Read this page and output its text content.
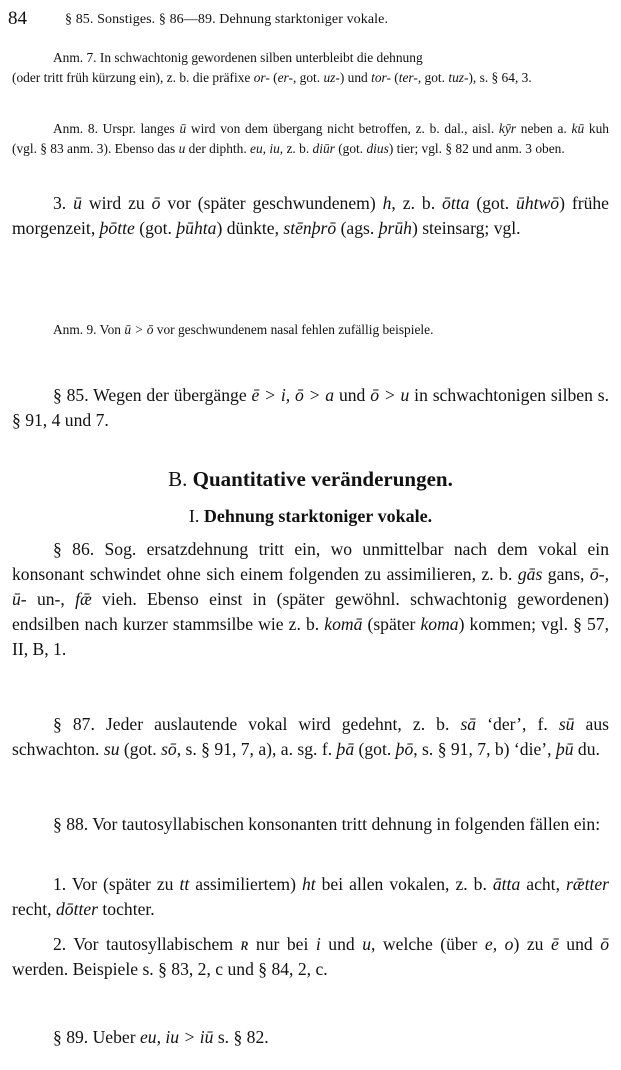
84	§ 85. Sonstiges. § 86—89. Dehnung starktoniger vokale.
Anm. 7. In schwachtonig gewordenen silben unterbleibt die dehnung
(oder tritt früh kürzung ein), z. b. die präfixe or- (er-, got. uz-) und tor- (ter-, got. tuz-), s. § 64, 3.
Anm. 8. Urspr. langes ū wird von dem übergang nicht betroffen, z. b. dal., aisl. kȳr neben a. kū kuh (vgl. § 83 anm. 3). Ebenso das u der diphth. eu, iu, z. b. diūr (got. dius) tier; vgl. § 82 und anm. 3 oben.
3. ū wird zu ō vor (später geschwundenem) h, z. b. ōtta (got. ūhtwō) frühe morgenzeit, þōtte (got. þūhta) dünkte, stēnþrō (ags. þrūh) steinsarg; vgl.
Anm. 9. Von ū > ō vor geschwundenem nasal fehlen zufällig beispiele.
§ 85. Wegen der übergänge ē > i, ō > a und ō > u in schwachtonigen silben s. § 91, 4 und 7.
B. Quantitative veränderungen.
I. Dehnung starktoniger vokale.
§ 86. Sog. ersatzdehnung tritt ein, wo unmittelbar nach dem vokal ein konsonant schwindet ohne sich einem folgenden zu assimilieren, z. b. gās gans, ō-, ū- un-, fǣ vieh. Ebenso einst in (später gewöhnl. schwachtonig gewordenen) endsilben nach kurzer stammsilbe wie z. b. komā (später koma) kommen; vgl. § 57, II, B, 1.
§ 87. Jeder auslautende vokal wird gedehnt, z. b. sā ‘der’, f. sū aus schwachton. su (got. sō, s. § 91, 7, a), a. sg. f. þā (got. þō, s. § 91, 7, b) ‘die’, þū du.
§ 88. Vor tautosyllabischen konsonanten tritt dehnung in folgenden fällen ein:
1. Vor (später zu tt assimiliertem) ht bei allen vokalen, z. b. ātta acht, rǣtter recht, dōtter tochter.
2. Vor tautosyllabischem ʀ nur bei i und u, welche (über e, o) zu ē und ō werden. Beispiele s. § 83, 2, c und § 84, 2, c.
§ 89. Ueber eu, iu > iū s. § 82.
